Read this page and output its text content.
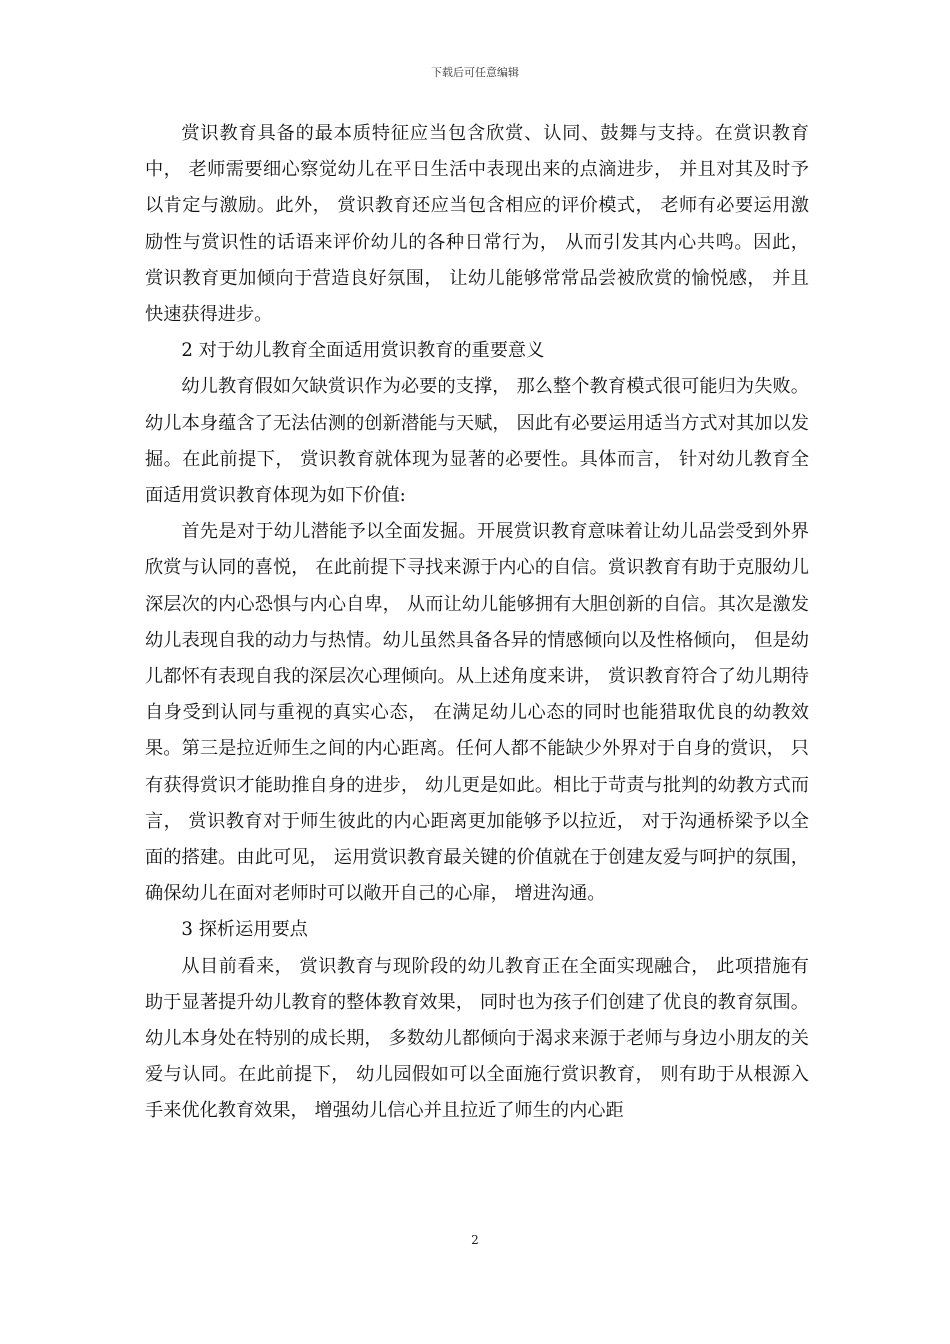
下载后可任意编辑

赏识教育具备的最本质特征应当包含欣赏、认同、鼓舞与支持。在赏识教育中， 老师需要细心察觉幼儿在平日生活中表现出来的点滴进步， 并且对其及时予以肯定与激励。此外， 赏识教育还应当包含相应的评价模式， 老师有必要运用激励性与赏识性的话语来评价幼儿的各种日常行为， 从而引发其内心共鸣。因此， 赏识教育更加倾向于营造良好氛围， 让幼儿能够常常品尝被欣赏的愉悦感， 并且快速获得进步。

2 对于幼儿教育全面适用赏识教育的重要意义

幼儿教育假如欠缺赏识作为必要的支撑， 那么整个教育模式很可能归为失败。幼儿本身蕴含了无法估测的创新潜能与天赋， 因此有必要运用适当方式对其加以发掘。在此前提下， 赏识教育就体现为显著的必要性。具体而言， 针对幼儿教育全面适用赏识教育体现为如下价值:

首先是对于幼儿潜能予以全面发掘。开展赏识教育意味着让幼儿品尝受到外界欣赏与认同的喜悦， 在此前提下寻找来源于内心的自信。赏识教育有助于克服幼儿深层次的内心恐惧与内心自卑， 从而让幼儿能够拥有大胆创新的自信。其次是激发幼儿表现自我的动力与热情。幼儿虽然具备各异的情感倾向以及性格倾向， 但是幼儿都怀有表现自我的深层次心理倾向。从上述角度来讲， 赏识教育符合了幼儿期待自身受到认同与重视的真实心态， 在满足幼儿心态的同时也能猎取优良的幼教效果。第三是拉近师生之间的内心距离。任何人都不能缺少外界对于自身的赏识， 只有获得赏识才能助推自身的进步， 幼儿更是如此。相比于苛责与批判的幼教方式而言， 赏识教育对于师生彼此的内心距离更加能够予以拉近， 对于沟通桥梁予以全面的搭建。由此可见， 运用赏识教育最关键的价值就在于创建友爱与呵护的氛围， 确保幼儿在面对老师时可以敞开自己的心扉， 增进沟通。

3 探析运用要点

从目前看来， 赏识教育与现阶段的幼儿教育正在全面实现融合， 此项措施有助于显著提升幼儿教育的整体教育效果， 同时也为孩子们创建了优良的教育氛围。幼儿本身处在特别的成长期， 多数幼儿都倾向于渴求来源于老师与身边小朋友的关爱与认同。在此前提下， 幼儿园假如可以全面施行赏识教育， 则有助于从根源入手来优化教育效果， 增强幼儿信心并且拉近了师生的内心距

2
